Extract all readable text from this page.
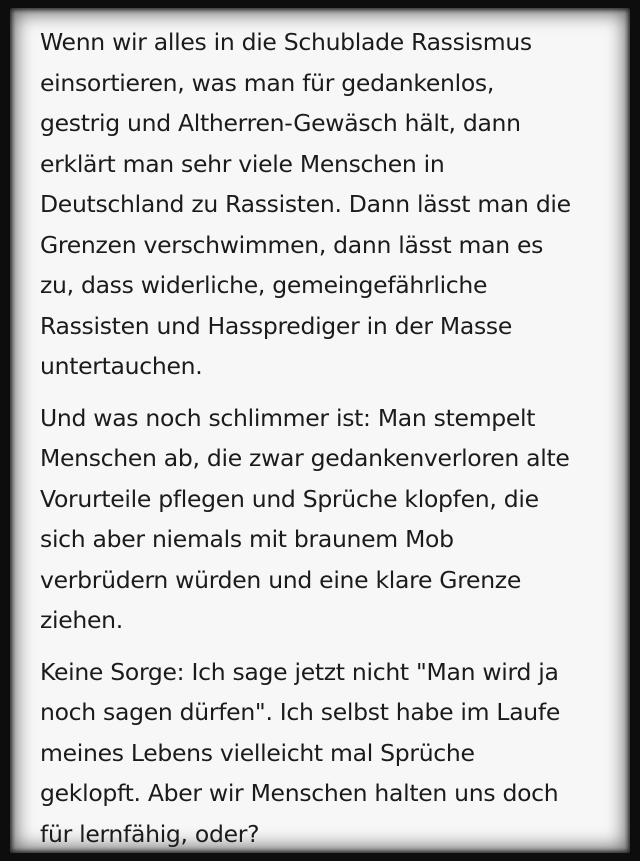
Wenn wir alles in die Schublade Rassismus
einsortieren, was man für gedankenlos,
gestrig und Altherren-Gewäsch hält, dann
erklärt man sehr viele Menschen in
Deutschland zu Rassisten. Dann lässt man die
Grenzen verschwimmen, dann lässt man es
zu, dass widerliche, gemeingefährliche
Rassisten und Hassprediger in der Masse
untertauchen.

Und was noch schlimmer ist: Man stempelt
Menschen ab, die zwar gedankenverloren alte
Vorurteile pflegen und Sprüche klopfen, die
sich aber niemals mit braunem Mob
verbrüdern würden und eine klare Grenze
ziehen.

Keine Sorge: Ich sage jetzt nicht "Man wird ja
noch sagen dürfen". Ich selbst habe im Laufe
meines Lebens vielleicht mal Sprüche
geklopft. Aber wir Menschen halten uns doch
für lernfähig, oder?
